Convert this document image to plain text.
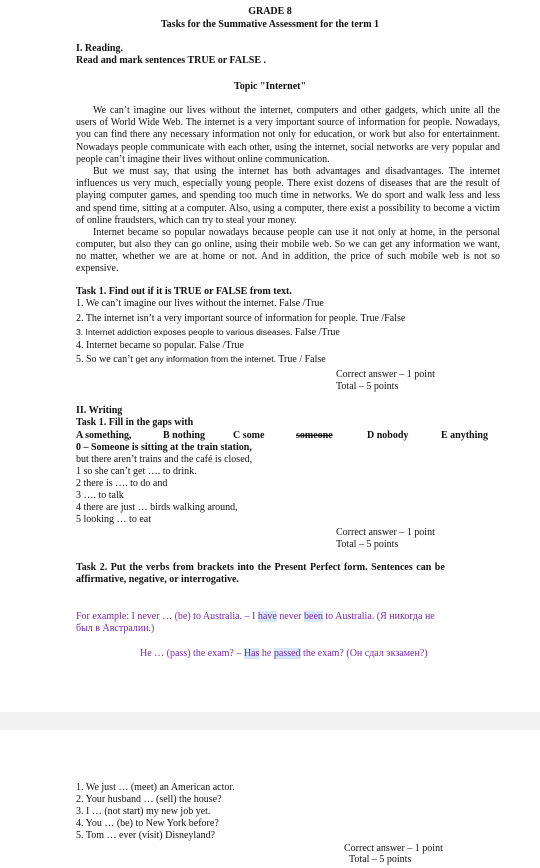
GRADE 8
Tasks for the Summative Assessment for the term 1
I. Reading.
Read and mark sentences TRUE or FALSE .
Topic "Internet"

We can’t imagine our lives without the internet, computers and other gadgets, which unite all the users of World Wide Web. The internet is a very important source of information for people. Nowadays, you can find there any necessary information not only for education, or work but also for entertainment. Nowadays people communicate with each other, using the internet, social networks are very popular and people can’t imagine their lives without online communication.

But we must say, that using the internet has both advantages and disadvantages. The internet influences us very much, especially young people. There exist dozens of diseases that are the result of playing computer games, and spending too much time in networks. We do sport and walk less and less and spend time, sitting at a computer. Also, using a computer, there exist a possibility to become a victim of online fraudsters, which can try to steal your money.

Internet became so popular nowadays because people can use it not only at home, in the personal computer, but also they can go online, using their mobile web. So we can get any information we want, no matter, whether we are at home or not. And in addition, the price of such mobile web is not so expensive.

Task 1. Find out if it is TRUE or FALSE from text.
1. We can’t imagine our lives without the internet. False /True
2. The internet isn’t a very important source of information for people. True /False
3. Internet addiction exposes people to various diseases. False /True
4. Internet became so popular. False /True
5. So we can’t get any information from the internet. True / False
Correct answer – 1 point
Total – 5 points
II. Writing
Task 1. Fill in the gaps with
A something,	B nothing	C some	someone	D nobody	E anything
0 – Someone is sitting at the train station,
but there aren’t trains and the café is closed,
1 so she can’t get …. to drink.
2 there is …. to do and
3 …. to talk
4 there are just … birds walking around,
5 looking … to eat
Correct answer – 1 point
Total – 5 points
Task 2. Put the verbs from brackets into the Present Perfect form. Sentences can be
affirmative, negative, or interrogative.
For example: I never … (be) to Australia. – I have never been to Australia. (Я никогда не
был в Австралии.)
He … (pass) the exam? – Has he passed the exam? (Он сдал экзамен?)
1. We just … (meet) an American actor.
2. Your husband … (sell) the house?
3. I … (not start) my new job yet.
4. You … (be) to New York before?
5. Tom … ever (visit) Disneyland?
Correct answer – 1 point
Total – 5 points
